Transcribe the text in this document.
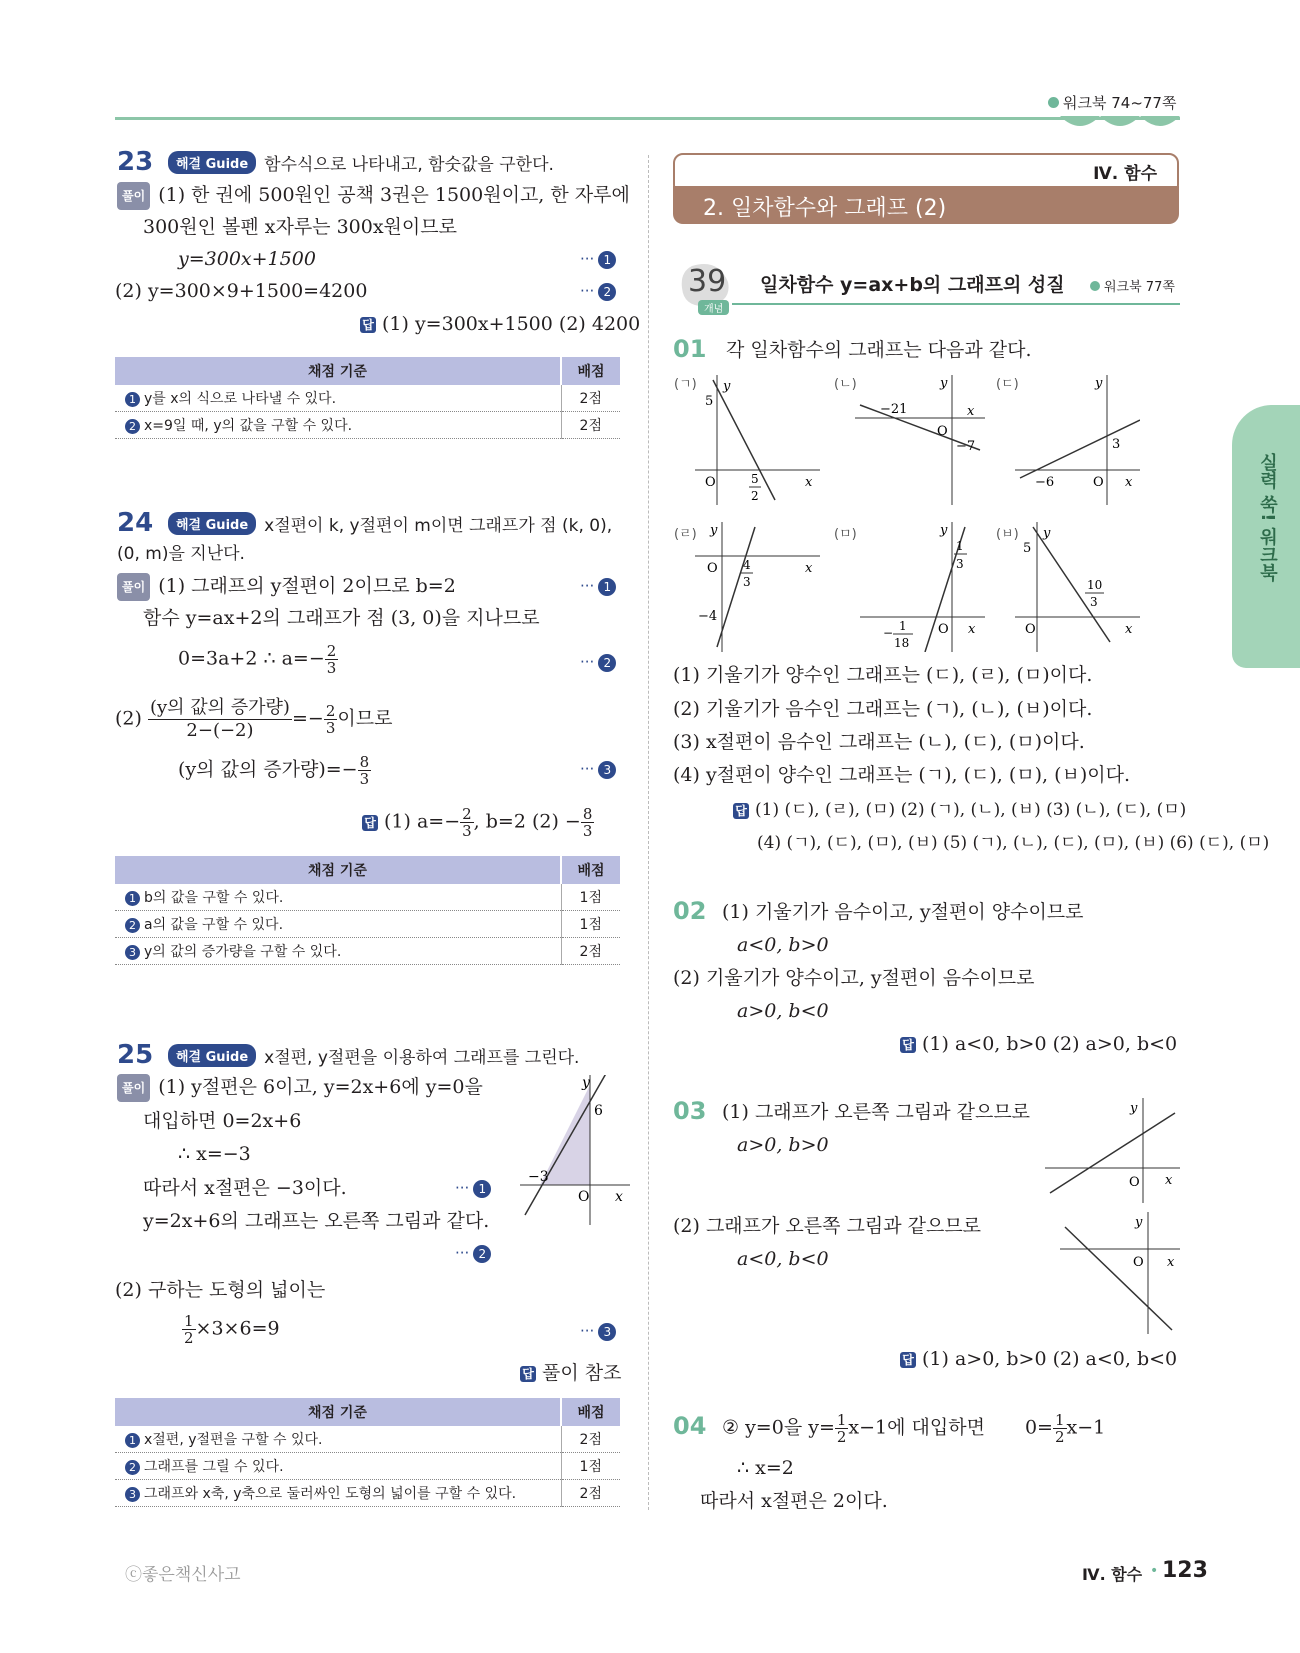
워크북 74~77쪽
23	해결 Guide 함수식으로 나타내고, 함숫값을 구한다.
풀이 (1) 한 권에 500원인 공책 3권은 1500원이고, 한 자루에
300원인 볼펜 x자루는 300x원이므로
y=300x+1500	··· 1
(2) y=300×9+1500=4200	··· 2
답 (1) y=300x+1500 (2) 4200
채점 기준	배점
1 y를 x의 식으로 나타낼 수 있다.	2점
2 x=9일 때, y의 값을 구할 수 있다.	2점
24	해결 Guide x절편이 k, y절편이 m이면 그래프가 점 (k, 0),
(0, m)을 지난다.
풀이 (1) 그래프의 y절편이 2이므로 b=2	··· 1
함수 y=ax+2의 그래프가 점 (3, 0)을 지나므로
0=3a+2 ∴ $a=- \frac{2}{3}$	··· 2
$(2) \frac{\text{(y의 값의 증가량)}}{2-(-2)} =- \frac{2}{3}$ 이므로
(y의 값의 증가량)=− $\frac{8}{3}$	··· 3
답 (1) $a=- \frac{2}{3}$ , b=2 $(2) - \frac{8}{3}$
채점 기준	배점
1 b의 값을 구할 수 있다.	1점
2 a의 값을 구할 수 있다.	1점
3 y의 값의 증가량을 구할 수 있다.	2점
25	해결 Guide x절편, y절편을 이용하여 그래프를 그린다.
풀이 (1) y절편은 6이고, y=2x+6에 y=0을
대입하면 0=2x+6
∴ x=−3
따라서 x절편은 −3이다.	··· 1
y=2x+6의 그래프는 오른쪽 그림과 같다.
··· 2
(2) 구하는 도형의 넓이는
$\frac{1}{2} \times 3\times 6=9$	··· 3
답 풀이 참조
y
x
O
6
−3
채점 기준	배점
1 x절편, y절편을 구할 수 있다.	2점
2 그래프를 그릴 수 있다.	1점
3 그래프와 x축, y축으로 둘러싸인 도형의 넓이를 구할 수 있다.	2점
Ⅳ. 함수
2. 일차함수와 그래프 (2)
39
개념
일차함수 y=ax+b의 그래프의 성질	워크북 77쪽
01 각 일차함수의 그래프는 다음과 같다.
(ㄱ)	(ㄴ)	(ㄷ)
(ㄹ)	(ㅁ)	(ㅂ)
y
x
O
5
5
2
y
x
O
−21
−7
y
x
O
−6
3
y
x
O 4
3
−4
y
x
O
1
3
− 1
18
y
x
O
5
10
3
(1) 기울기가 양수인 그래프는 (ㄷ), (ㄹ), (ㅁ)이다.
(2) 기울기가 음수인 그래프는 (ㄱ), (ㄴ), (ㅂ)이다.
(3) x절편이 음수인 그래프는 (ㄴ), (ㄷ), (ㅁ)이다.
(4) y절편이 양수인 그래프는 (ㄱ), (ㄷ), (ㅁ), (ㅂ)이다.
답 (1) (ㄷ), (ㄹ), (ㅁ) (2) (ㄱ), (ㄴ), (ㅂ) (3) (ㄴ), (ㄷ), (ㅁ)
(4) (ㄱ), (ㄷ), (ㅁ), (ㅂ) (5) (ㄱ), (ㄴ), (ㄷ), (ㅁ), (ㅂ) (6) (ㄷ), (ㅁ)
02 (1) 기울기가 음수이고, y절편이 양수이므로
a<0, b>0
(2) 기울기가 양수이고, y절편이 음수이므로
a>0, b<0
답 (1) a<0, b>0 (2) a>0, b<0
03 (1) 그래프가 오른쪽 그림과 같으므로
a>0, b>0
y
x
O
(2) 그래프가 오른쪽 그림과 같으므로
a<0, b<0
y
x
O
답 (1) a>0, b>0 (2) a<0, b<0
04 ② y=0을 $y= \frac{1}{2} x-1$에 대입하면 $0= \frac{1}{2} x-1$
∴ x=2
따라서 x절편은 2이다.
실력 쑥! 워크북
ⓒ좋은책신사고	Ⅳ. 함수 • 123
